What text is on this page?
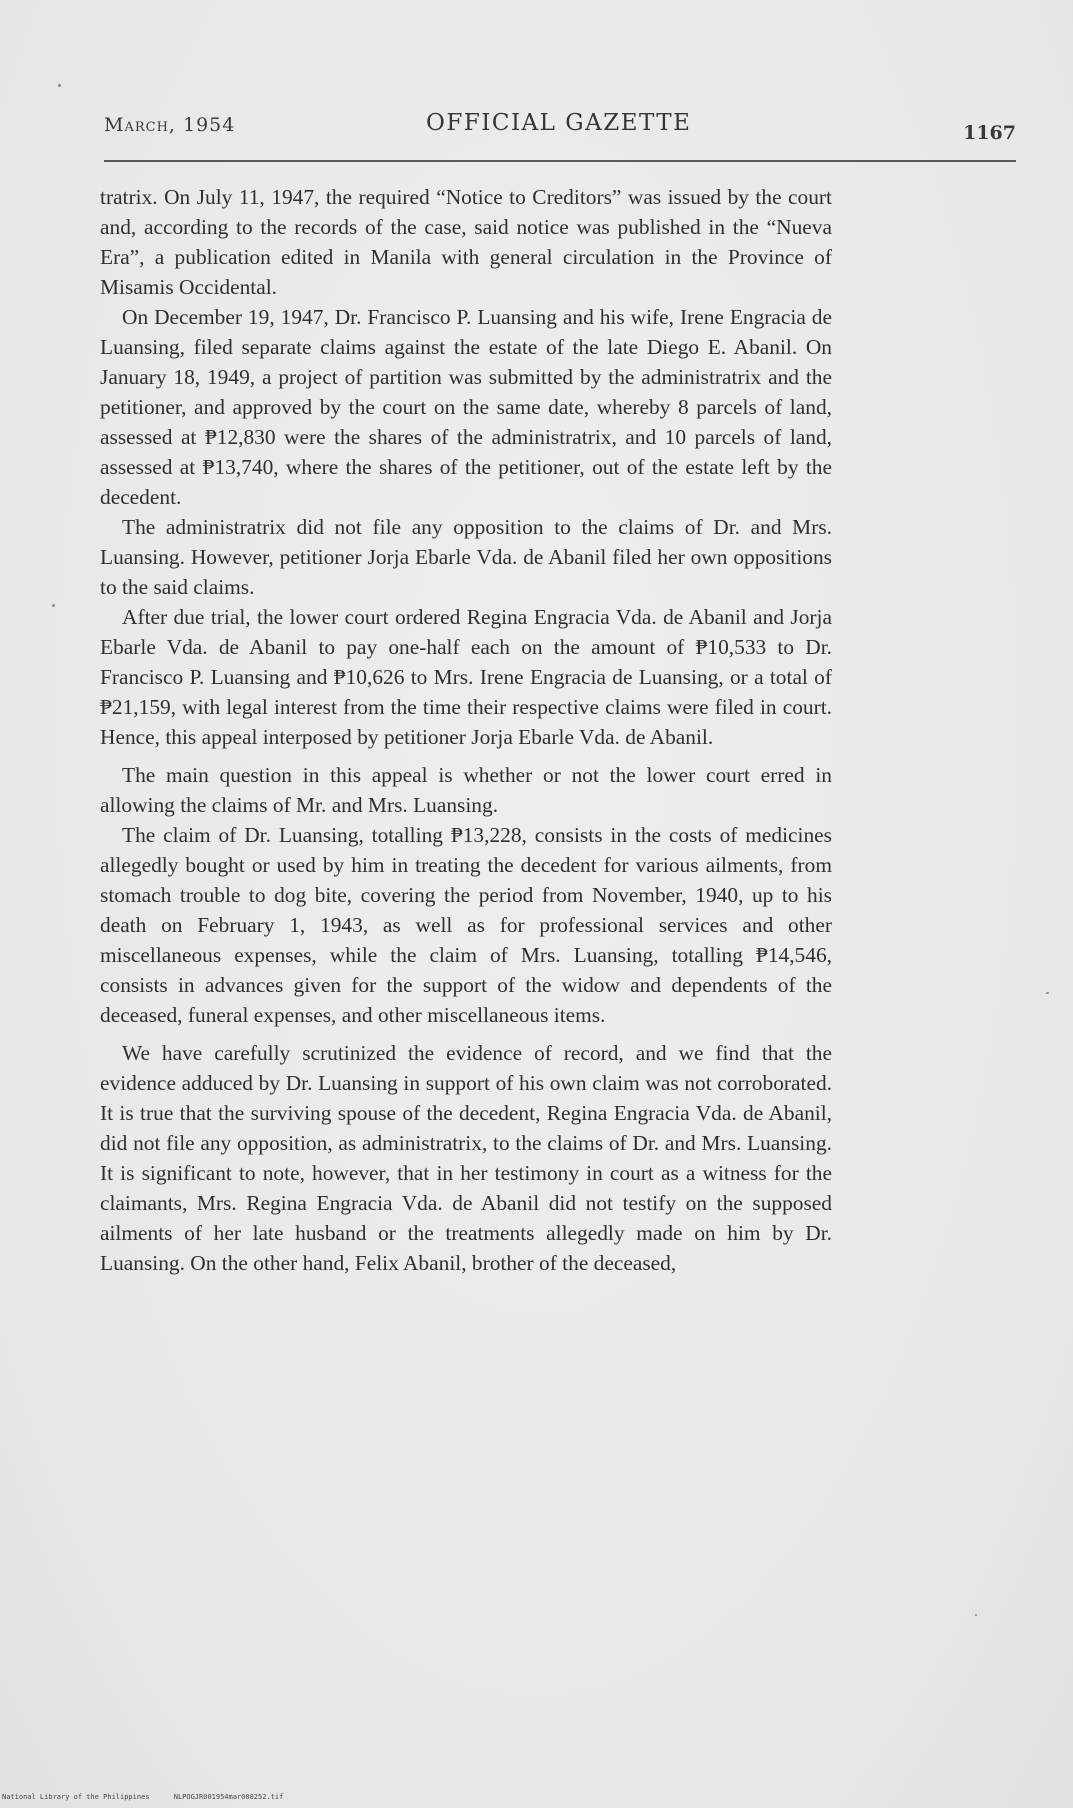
March, 1954	OFFICIAL GAZETTE	1167

tratrix. On July 11, 1947, the required “Notice to Creditors” was issued by the court and, according to the records of the case, said notice was published in the “Nueva Era”, a publication edited in Manila with general circulation in the Province of Misamis Occidental.

On December 19, 1947, Dr. Francisco P. Luansing and his wife, Irene Engracia de Luansing, filed separate claims against the estate of the late Diego E. Abanil. On January 18, 1949, a project of partition was submitted by the administratrix and the petitioner, and approved by the court on the same date, whereby 8 parcels of land, assessed at ₱12,830 were the shares of the administratrix, and 10 parcels of land, assessed at ₱13,740, where the shares of the petitioner, out of the estate left by the decedent.

The administratrix did not file any opposition to the claims of Dr. and Mrs. Luansing. However, petitioner Jorja Ebarle Vda. de Abanil filed her own oppositions to the said claims.

After due trial, the lower court ordered Regina Engracia Vda. de Abanil and Jorja Ebarle Vda. de Abanil to pay one-half each on the amount of ₱10,533 to Dr. Francisco P. Luansing and ₱10,626 to Mrs. Irene Engracia de Luansing, or a total of ₱21,159, with legal interest from the time their respective claims were filed in court. Hence, this appeal interposed by petitioner Jorja Ebarle Vda. de Abanil.

The main question in this appeal is whether or not the lower court erred in allowing the claims of Mr. and Mrs. Luansing.

The claim of Dr. Luansing, totalling ₱13,228, consists in the costs of medicines allegedly bought or used by him in treating the decedent for various ailments, from stomach trouble to dog bite, covering the period from November, 1940, up to his death on February 1, 1943, as well as for professional services and other miscellaneous expenses, while the claim of Mrs. Luansing, totalling ₱14,546, consists in advances given for the support of the widow and dependents of the deceased, funeral expenses, and other miscellaneous items.

We have carefully scrutinized the evidence of record, and we find that the evidence adduced by Dr. Luansing in support of his own claim was not corroborated. It is true that the surviving spouse of the decedent, Regina Engracia Vda. de Abanil, did not file any opposition, as administratrix, to the claims of Dr. and Mrs. Luansing. It is significant to note, however, that in her testimony in court as a witness for the claimants, Mrs. Regina Engracia Vda. de Abanil did not testify on the supposed ailments of her late husband or the treatments allegedly made on him by Dr. Luansing. On the other hand, Felix Abanil, brother of the deceased,

National Library of the Philippines	NLPOGJR001954mar000252.tif
